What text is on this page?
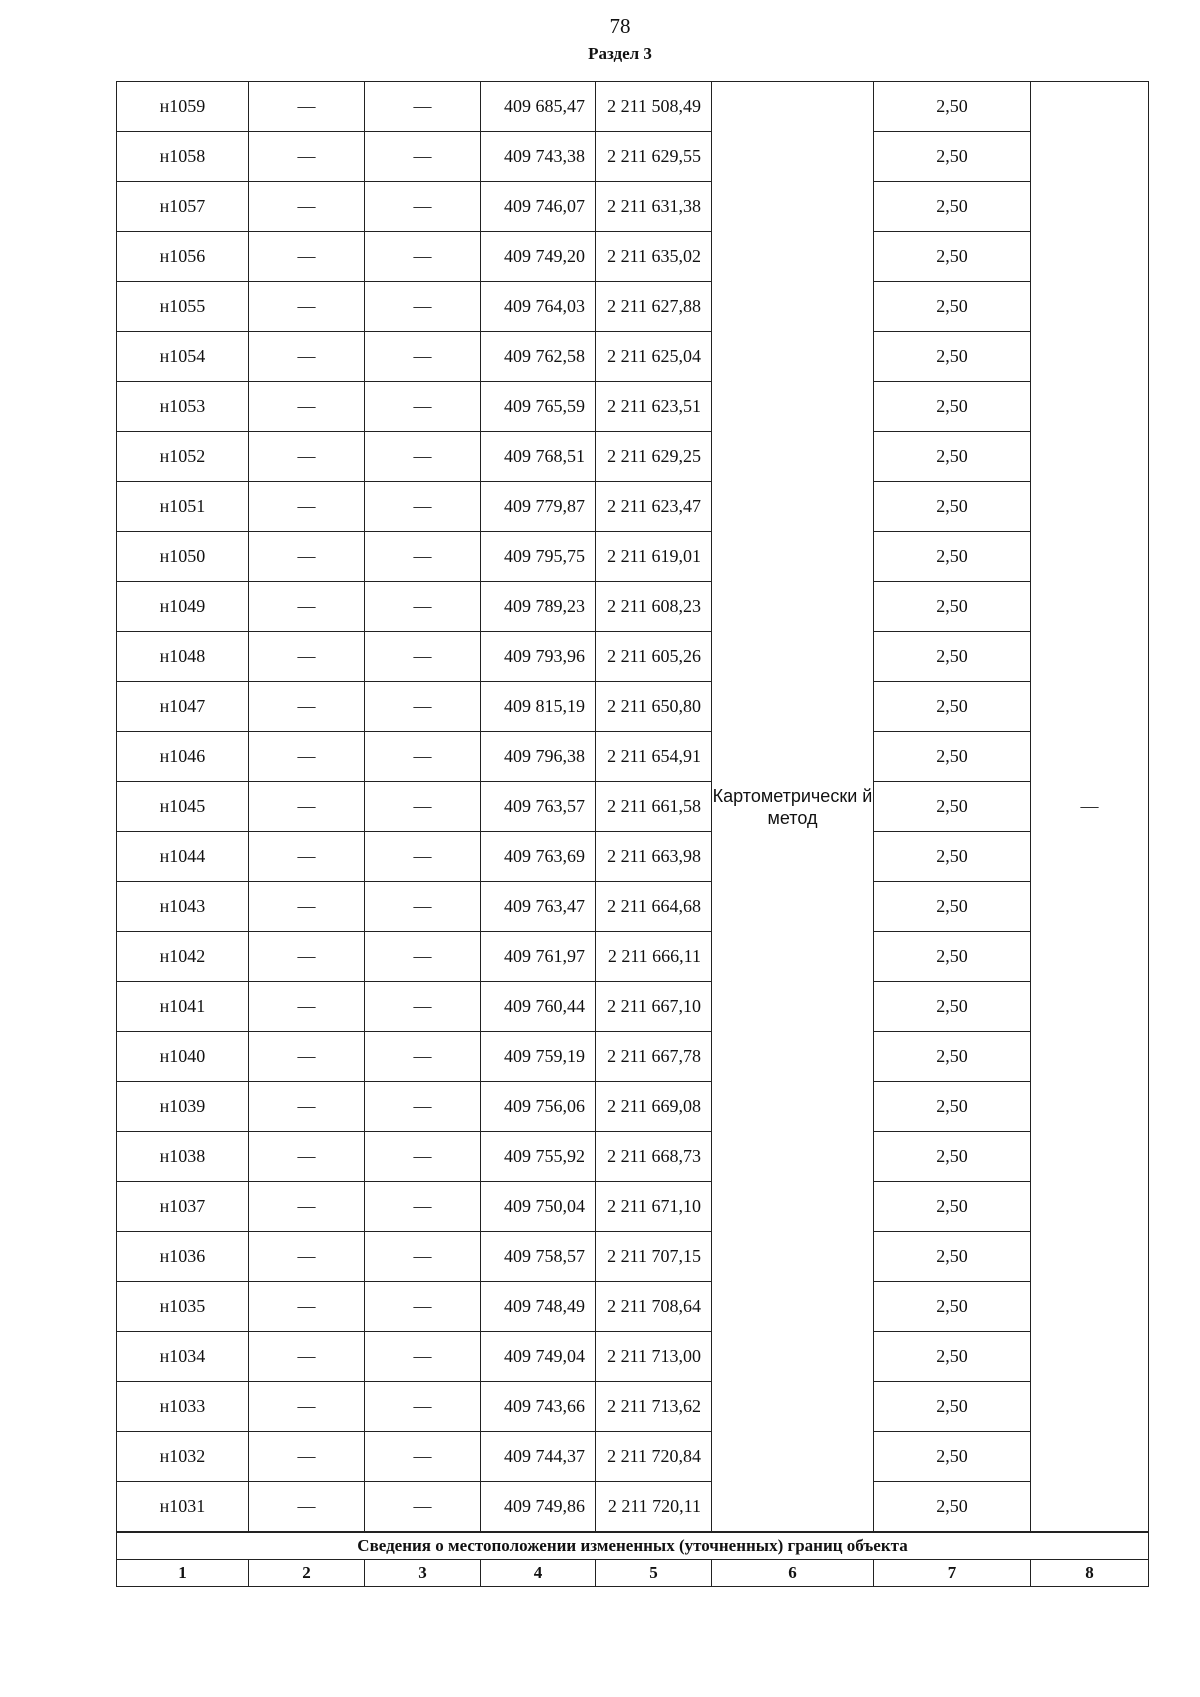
78
Раздел 3
н1059	—	—	409 685,47	2 211 508,49	Картометрически й метод	2,50	—
н1058	—	—	409 743,38	2 211 629,55		2,50	
н1057	—	—	409 746,07	2 211 631,38		2,50	
н1056	—	—	409 749,20	2 211 635,02		2,50	
н1055	—	—	409 764,03	2 211 627,88		2,50	
н1054	—	—	409 762,58	2 211 625,04		2,50	
н1053	—	—	409 765,59	2 211 623,51		2,50	
н1052	—	—	409 768,51	2 211 629,25		2,50	
н1051	—	—	409 779,87	2 211 623,47		2,50	
н1050	—	—	409 795,75	2 211 619,01		2,50	
н1049	—	—	409 789,23	2 211 608,23		2,50	
н1048	—	—	409 793,96	2 211 605,26		2,50	
н1047	—	—	409 815,19	2 211 650,80		2,50	
н1046	—	—	409 796,38	2 211 654,91		2,50	
н1045	—	—	409 763,57	2 211 661,58		2,50	
н1044	—	—	409 763,69	2 211 663,98		2,50	
н1043	—	—	409 763,47	2 211 664,68		2,50	
н1042	—	—	409 761,97	2 211 666,11		2,50	
н1041	—	—	409 760,44	2 211 667,10		2,50	
н1040	—	—	409 759,19	2 211 667,78		2,50	
н1039	—	—	409 756,06	2 211 669,08		2,50	
н1038	—	—	409 755,92	2 211 668,73		2,50	
н1037	—	—	409 750,04	2 211 671,10		2,50	
н1036	—	—	409 758,57	2 211 707,15		2,50	
н1035	—	—	409 748,49	2 211 708,64		2,50	
н1034	—	—	409 749,04	2 211 713,00		2,50	
н1033	—	—	409 743,66	2 211 713,62		2,50	
н1032	—	—	409 744,37	2 211 720,84		2,50	
н1031	—	—	409 749,86	2 211 720,11		2,50	
Сведения о местоположении измененных (уточненных) границ объекта							
1	2	3	4	5	6	7	8
